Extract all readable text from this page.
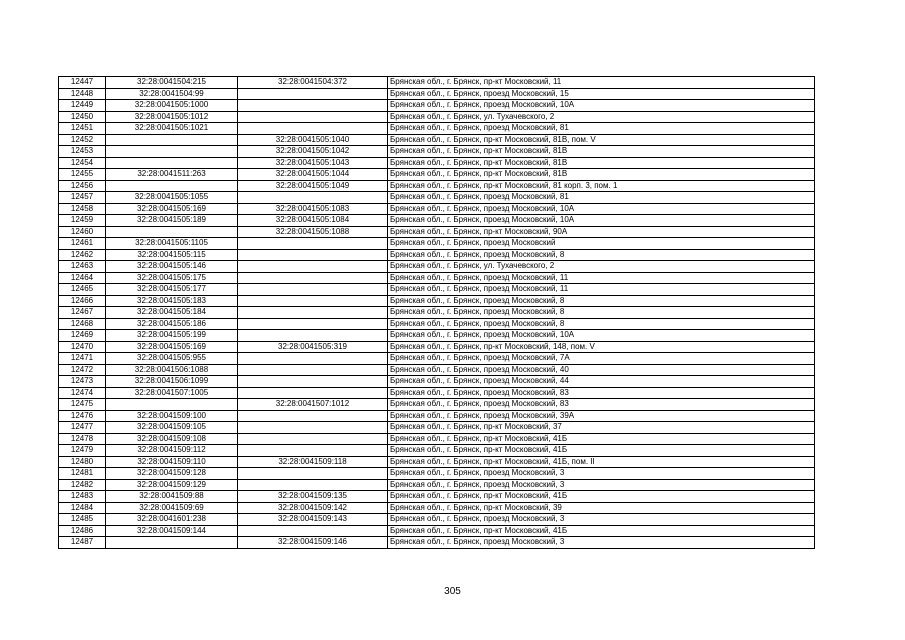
12447	32:28:0041504:215	32:28:0041504:372	Брянская обл., г. Брянск, пр-кт Московский, 11
12448	32:28:0041504:99		Брянская обл., г. Брянск, проезд Московский, 15
12449	32:28:0041505:1000		Брянская обл., г. Брянск, проезд Московский, 10А
12450	32:28:0041505:1012		Брянская обл., г. Брянск, ул. Тухачевского, 2
12451	32:28:0041505:1021		Брянская обл., г. Брянск, проезд Московский, 81
12452		32:28:0041505:1040	Брянская обл., г. Брянск, пр-кт Московский, 81В, пом. V
12453		32:28:0041505:1042	Брянская обл., г. Брянск, пр-кт Московский, 81В
12454		32:28:0041505:1043	Брянская обл., г. Брянск, пр-кт Московский, 81В
12455	32:28:0041511:263	32:28:0041505:1044	Брянская обл., г. Брянск, пр-кт Московский, 81В
12456		32:28:0041505:1049	Брянская обл., г. Брянск, пр-кт Московский, 81 корп. 3, пом. 1
12457	32:28:0041505:1055		Брянская обл., г. Брянск, проезд Московский, 81
12458	32:28:0041505:169	32:28:0041505:1083	Брянская обл., г. Брянск, проезд Московский, 10А
12459	32:28:0041505:189	32:28:0041505:1084	Брянская обл., г. Брянск, проезд Московский, 10А
12460		32:28:0041505:1088	Брянская обл., г. Брянск, пр-кт Московский, 90А
12461	32:28:0041505:1105		Брянская обл., г. Брянск, проезд Московский
12462	32:28:0041505:115		Брянская обл., г. Брянск, проезд Московский, 8
12463	32:28:0041505:146		Брянская обл., г. Брянск, ул. Тухачевского, 2
12464	32:28:0041505:175		Брянская обл., г. Брянск, проезд Московский, 11
12465	32:28:0041505:177		Брянская обл., г. Брянск, проезд Московский, 11
12466	32:28:0041505:183		Брянская обл., г. Брянск, проезд Московский, 8
12467	32:28:0041505:184		Брянская обл., г. Брянск, проезд Московский, 8
12468	32:28:0041505:186		Брянская обл., г. Брянск, проезд Московский, 8
12469	32:28:0041505:199		Брянская обл., г. Брянск, проезд Московский, 10А
12470	32:28:0041505:169	32:28:0041505:319	Брянская обл., г. Брянск, пр-кт Московский, 148, пом. V
12471	32:28:0041505:955		Брянская обл., г. Брянск, проезд Московский, 7А
12472	32:28:0041506:1088		Брянская обл., г. Брянск, проезд Московский, 40
12473	32:28:0041506:1099		Брянская обл., г. Брянск, проезд Московский, 44
12474	32:28:0041507:1005		Брянская обл., г. Брянск, проезд Московский, 83
12475		32:28:0041507:1012	Брянская обл., г. Брянск, проезд Московский, 83
12476	32:28:0041509:100		Брянская обл., г. Брянск, проезд Московский, 39А
12477	32:28:0041509:105		Брянская обл., г. Брянск, пр-кт Московский, 37
12478	32:28:0041509:108		Брянская обл., г. Брянск, пр-кт Московский, 41Б
12479	32:28:0041509:112		Брянская обл., г. Брянск, пр-кт Московский, 41Б
12480	32:28:0041509:110	32:28:0041509:118	Брянская обл., г. Брянск, пр-кт Московский, 41Б, пом. II
12481	32:28:0041509:128		Брянская обл., г. Брянск, проезд Московский, 3
12482	32:28:0041509:129		Брянская обл., г. Брянск, проезд Московский, 3
12483	32:28:0041509:88	32:28:0041509:135	Брянская обл., г. Брянск, пр-кт Московский, 41Б
12484	32:28:0041509:69	32:28:0041509:142	Брянская обл., г. Брянск, пр-кт Московский, 39
12485	32:28:0041601:238	32:28:0041509:143	Брянская обл., г. Брянск, проезд Московский, 3
12486	32:28:0041509:144		Брянская обл., г. Брянск, пр-кт Московский, 41Б
12487		32:28:0041509:146	Брянская обл., г. Брянск, проезд Московский, 3
305
